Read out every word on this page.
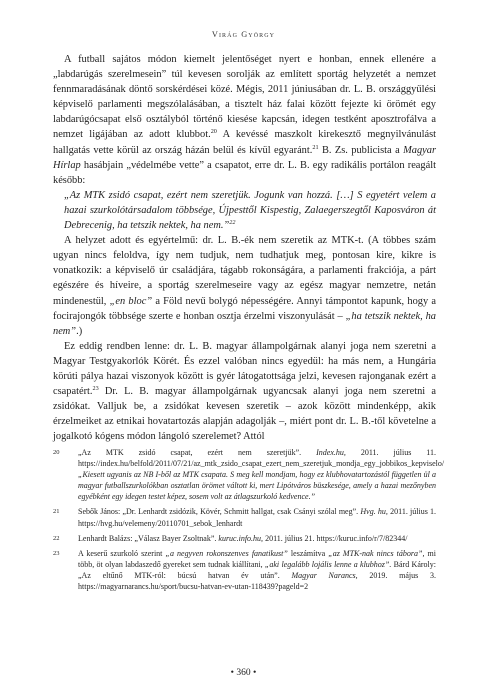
Virág György

A futball sajátos módon kiemelt jelentőséget nyert e honban, ennek ellenére a „labdarúgás szerelmesein” túl kevesen sorolják az említett sportág helyzetét a nemzet fennmaradásának döntő sorskérdései közé. Mégis, 2011 júniusában dr. L. B. országgyűlési képviselő parlamenti megszólalásában, a tisztelt ház falai között fejezte ki örömét egy labdarúgócsapat első osztályból történő kiesése kapcsán, idegen testként aposztrofálva a nemzet ligájában az adott klubbot.$^{20}$ A kevéssé maszkolt kirekesztő megnyilvánulást hallgatás vette körül az ország házán belül és kívül egyaránt.$^{21}$ B. Zs. publicista a Magyar Hírlap hasábjain „védelmébe vette” a csapatot, erre dr. L. B. egy radikális portálon reagált később:

„Az MTK zsidó csapat, ezért nem szeretjük. Jogunk van hozzá. […] S egyetért velem a hazai szurkolótársadalom többsége, Újpesttől Kispestig, Zalaegerszegtől Kaposváron át Debrecenig, ha tetszik nektek, ha nem.”$^{22}$

A helyzet adott és egyértelmű: dr. L. B.-ék nem szeretik az MTK-t. (A többes szám ugyan nincs feloldva, így nem tudjuk, nem tudhatjuk meg, pontosan kire, kikre is vonatkozik: a képviselő úr családjára, tágabb rokonságára, a parlamenti frakciója, a párt egészére és híveire, a sportág szerelmeseire vagy az egész magyar nemzetre, netán mindenestül, „en bloc” a Föld nevű bolygó népességére. Annyi támpontot kapunk, hogy a focirajongók többsége szerte e honban osztja érzelmi viszonyulását – „ha tetszik nektek, ha nem”.)

Ez eddig rendben lenne: dr. L. B. magyar állampolgárnak alanyi joga nem szeretni a Magyar Testgyakorlók Körét. És ezzel valóban nincs egyedül: ha más nem, a Hungária körúti pálya hazai viszonyok között is gyér látogatottsága jelzi, kevesen rajonganak ezért a csapatért.$^{23}$ Dr. L. B. magyar állampolgárnak ugyancsak alanyi joga nem szeretni a zsidókat. Valljuk be, a zsidókat kevesen szeretik – azok között mindenképp, akik érzelmeiket az etnikai hovatartozás alapján adagolják –, miért pont dr. L. B.-től követelne a jogalkotó kógens módon lángoló szerelemet? Attól

20 „Az MTK zsidó csapat, ezért nem szeretjük”. Index.hu, 2011. július 11. https://index.hu/belfold/2011/07/21/az_mtk_zsido_csapat_ezert_nem_szeretjuk_mondja_egy_jobbikos_kepviselo/ „Kiesett ugyanis az NB I-ből az MTK csapata. S meg kell mondjam, hogy ez klubhovatartozástól független ül a magyar futballszurkolókban osztatlan örömet váltott ki, mert Lipótváros büszkesége, amely a hazai mezőnyben egyébként egy idegen testet képez, sosem volt az átlagszurkoló kedvence.”
21 Sebők János: „Dr. Lenhardt zsidózik, Kövér, Schmitt hallgat, csak Csányi szólal meg”. Hvg. hu, 2011. július 1. https://hvg.hu/velemeny/20110701_sebok_lenhardt
22 Lenhardt Balázs: „Válasz Bayer Zsoltnak”. kuruc.info.hu, 2011. július 21. https://kuruc.info/r/7/82344/
23 A keserű szurkoló szerint „a negyven rokonszenves fanatikust” leszámítva „az MTK-nak nincs tábora”, mi több, öt olyan labdaszedő gyereket sem tudnak kiállítani, „aki legalább lojális lenne a klubhoz”. Bárd Károly: „Az eltűnő MTK-ról: búcsú hatvan év után”. Magyar Narancs, 2019. május 3. https://magyarnarancs.hu/sport/bucsu-hatvan-ev-utan-118439?pageld=2
• 360 •
